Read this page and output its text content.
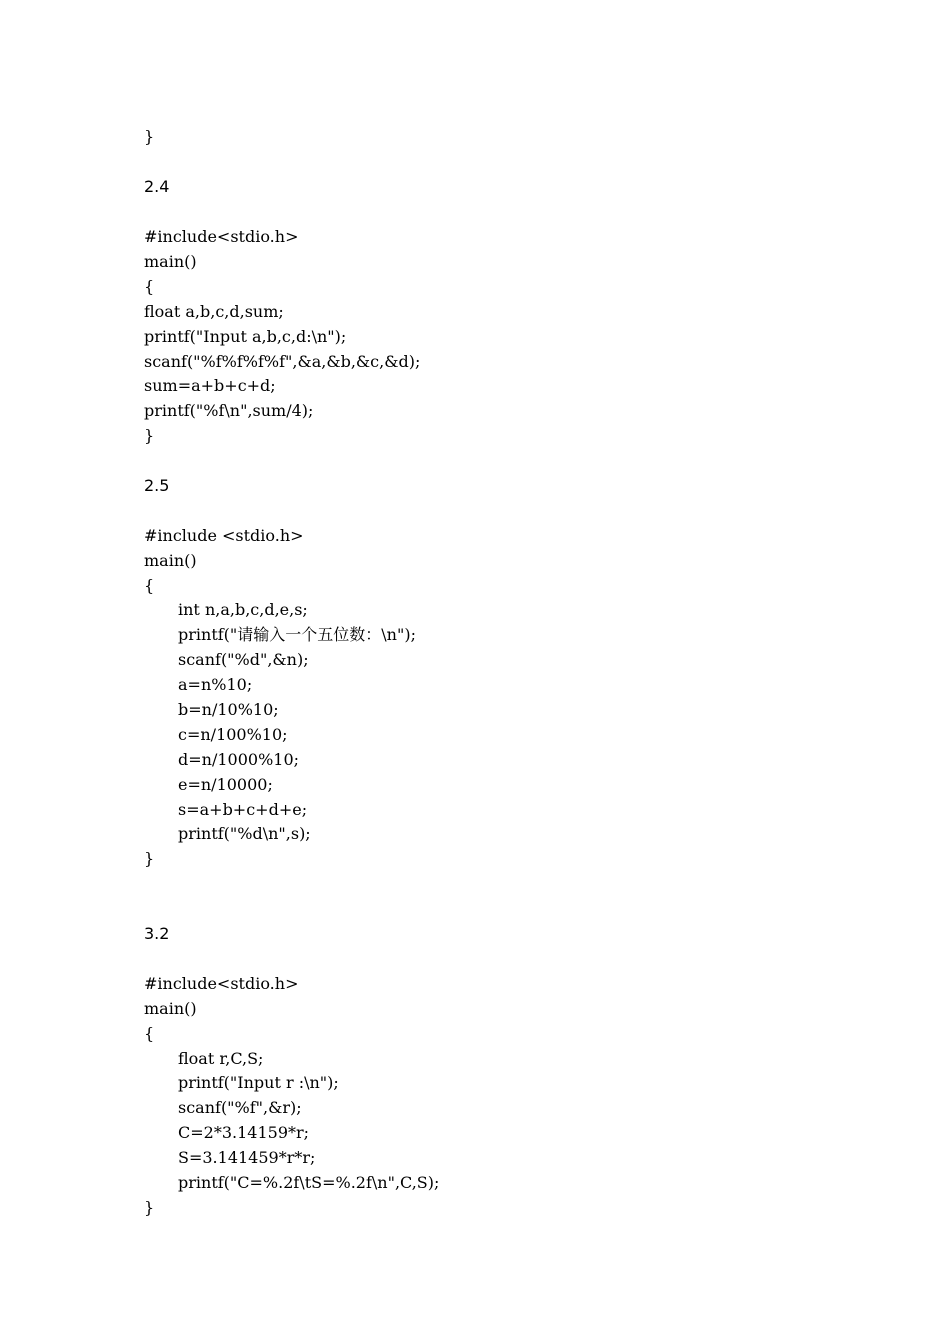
}
2.4
#include<stdio.h>
main()
{
float a,b,c,d,sum;
printf("Input a,b,c,d:\n");
scanf("%f%f%f%f",&a,&b,&c,&d);
sum=a+b+c+d;
printf("%f\n",sum/4);
}
2.5
#include <stdio.h>
main()
{
int n,a,b,c,d,e,s;
printf("请输入一个五位数：\n");
scanf("%d",&n);
a=n%10;
b=n/10%10;
c=n/100%10;
d=n/1000%10;
e=n/10000;
s=a+b+c+d+e;
printf("%d\n",s);
}
3.2
#include<stdio.h>
main()
{
float r,C,S;
printf("Input r :\n");
scanf("%f",&r);
C=2*3.14159*r;
S=3.141459*r*r;
printf("C=%.2f\tS=%.2f\n",C,S);
}
